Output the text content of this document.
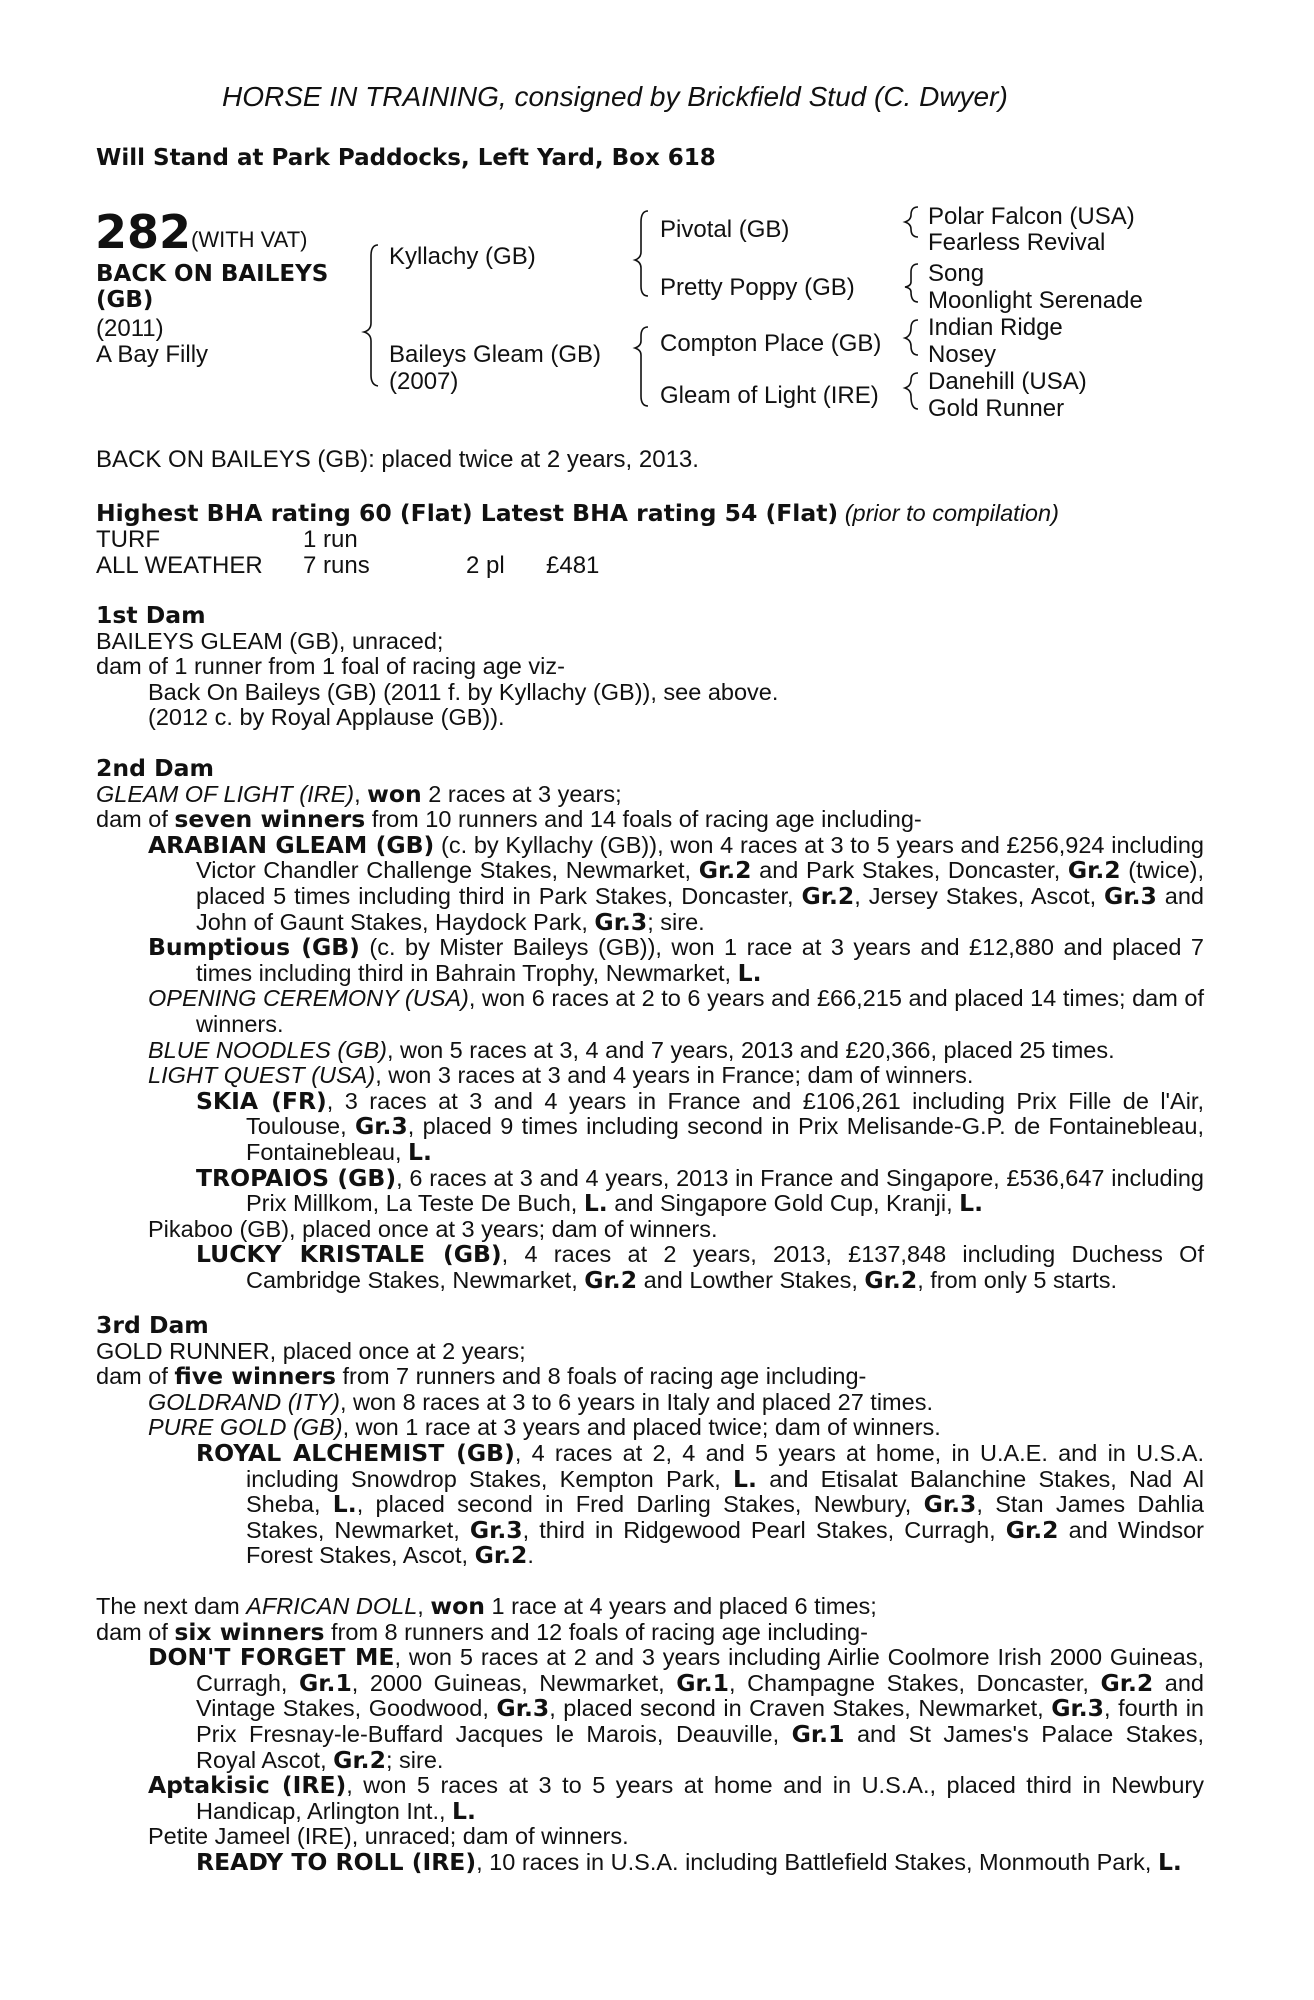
HORSE IN TRAINING, consigned by Brickfield Stud (C. Dwyer)
Will Stand at Park Paddocks, Left Yard, Box 618
282 (WITH VAT)
BACK ON BAILEYS
(GB)
(2011)
A Bay Filly
Kyllachy (GB)
Baileys Gleam (GB)
(2007)
Pivotal (GB)
Pretty Poppy (GB)
Compton Place (GB)
Gleam of Light (IRE)
Polar Falcon (USA)
Fearless Revival
Song
Moonlight Serenade
Indian Ridge
Nosey
Danehill (USA)
Gold Runner
BACK ON BAILEYS (GB): placed twice at 2 years, 2013.
Highest BHA rating 60 (Flat) Latest BHA rating 54 (Flat) (prior to compilation)
TURF	1 run
ALL WEATHER 7 runs	2 pl £481

1st Dam

BAILEYS GLEAM (GB), unraced;

dam of 1 runner from 1 foal of racing age viz-

Back On Baileys (GB) (2011 f. by Kyllachy (GB)), see above.

(2012 c. by Royal Applause (GB)).

2nd Dam

GLEAM OF LIGHT (IRE), won 2 races at 3 years;

dam of seven winners from 10 runners and 14 foals of racing age including-

ARABIAN GLEAM (GB) (c. by Kyllachy (GB)), won 4 races at 3 to 5 years and £256,924 including Victor Chandler Challenge Stakes, Newmarket, Gr.2 and Park Stakes, Doncaster, Gr.2 (twice), placed 5 times including third in Park Stakes, Doncaster, Gr.2, Jersey Stakes, Ascot, Gr.3 and John of Gaunt Stakes, Haydock Park, Gr.3; sire.

Bumptious (GB) (c. by Mister Baileys (GB)), won 1 race at 3 years and £12,880 and placed 7 times including third in Bahrain Trophy, Newmarket, L.

OPENING CEREMONY (USA), won 6 races at 2 to 6 years and £66,215 and placed 14 times; dam of winners.

BLUE NOODLES (GB), won 5 races at 3, 4 and 7 years, 2013 and £20,366, placed 25 times.

LIGHT QUEST (USA), won 3 races at 3 and 4 years in France; dam of winners.

SKIA (FR), 3 races at 3 and 4 years in France and £106,261 including Prix Fille de l'Air, Toulouse, Gr.3, placed 9 times including second in Prix Melisande-G.P. de Fontainebleau, Fontainebleau, L.

TROPAIOS (GB), 6 races at 3 and 4 years, 2013 in France and Singapore, £536,647 including Prix Millkom, La Teste De Buch, L. and Singapore Gold Cup, Kranji, L.

Pikaboo (GB), placed once at 3 years; dam of winners.

LUCKY KRISTALE (GB), 4 races at 2 years, 2013, £137,848 including Duchess Of Cambridge Stakes, Newmarket, Gr.2 and Lowther Stakes, Gr.2, from only 5 starts.

3rd Dam

GOLD RUNNER, placed once at 2 years;

dam of five winners from 7 runners and 8 foals of racing age including-

GOLDRAND (ITY), won 8 races at 3 to 6 years in Italy and placed 27 times.

PURE GOLD (GB), won 1 race at 3 years and placed twice; dam of winners.

ROYAL ALCHEMIST (GB), 4 races at 2, 4 and 5 years at home, in U.A.E. and in U.S.A. including Snowdrop Stakes, Kempton Park, L. and Etisalat Balanchine Stakes, Nad Al Sheba, L., placed second in Fred Darling Stakes, Newbury, Gr.3, Stan James Dahlia Stakes, Newmarket, Gr.3, third in Ridgewood Pearl Stakes, Curragh, Gr.2 and Windsor Forest Stakes, Ascot, Gr.2.

The next dam AFRICAN DOLL, won 1 race at 4 years and placed 6 times;

dam of six winners from 8 runners and 12 foals of racing age including-

DON'T FORGET ME, won 5 races at 2 and 3 years including Airlie Coolmore Irish 2000 Guineas, Curragh, Gr.1, 2000 Guineas, Newmarket, Gr.1, Champagne Stakes, Doncaster, Gr.2 and Vintage Stakes, Goodwood, Gr.3, placed second in Craven Stakes, Newmarket, Gr.3, fourth in Prix Fresnay-le-Buffard Jacques le Marois, Deauville, Gr.1 and St James's Palace Stakes, Royal Ascot, Gr.2; sire.

Aptakisic (IRE), won 5 races at 3 to 5 years at home and in U.S.A., placed third in Newbury Handicap, Arlington Int., L.

Petite Jameel (IRE), unraced; dam of winners.

READY TO ROLL (IRE), 10 races in U.S.A. including Battlefield Stakes, Monmouth Park, L.
